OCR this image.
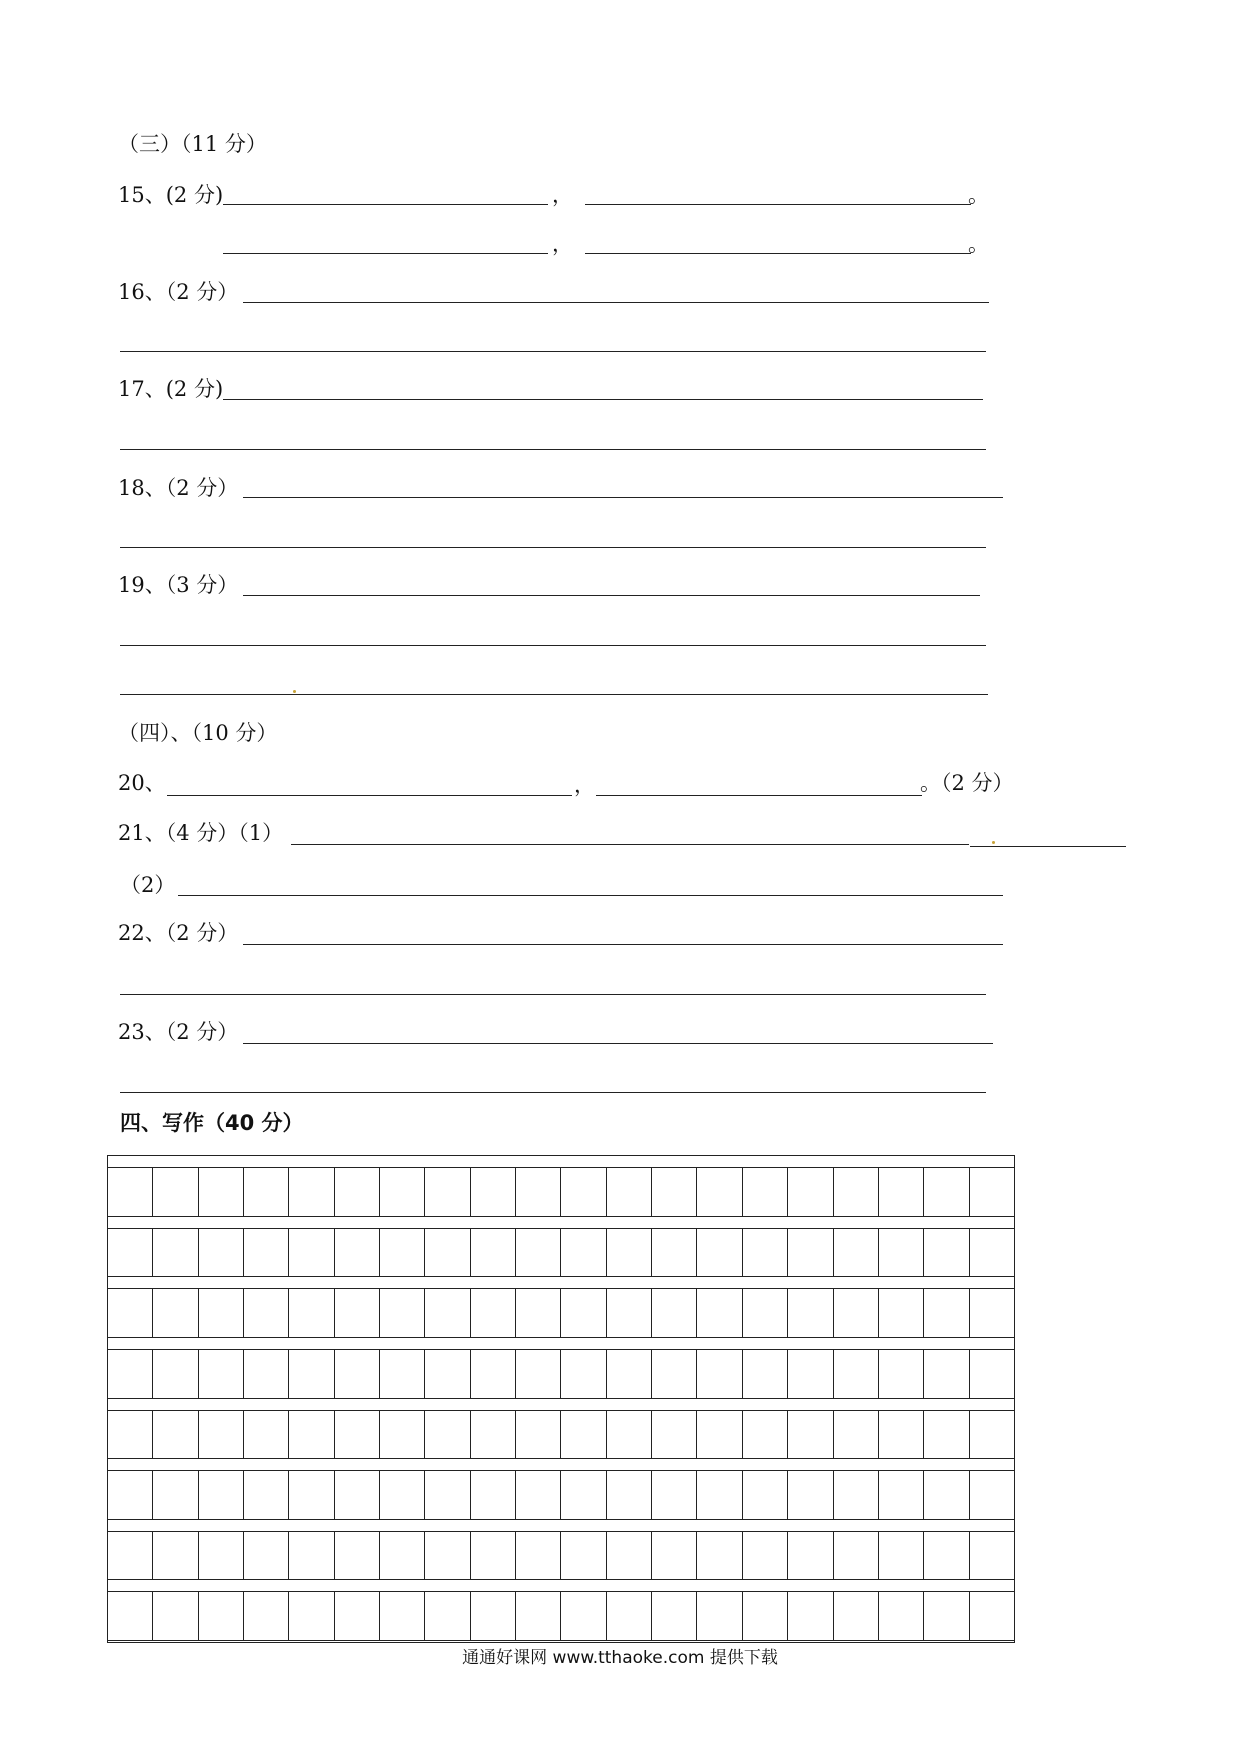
（三）（11 分）
15、(2 分)	，	。
，	。
16、（2 分）
17、(2 分)
18、（2 分）
19、（3 分）
（四）、（10 分）
20、	，	。（2 分）
21、（4 分）（1）
（2）
22、（2 分）
23、（2 分）
四、写作（40 分）
通通好课网 www.tthaoke.com 提供下载
